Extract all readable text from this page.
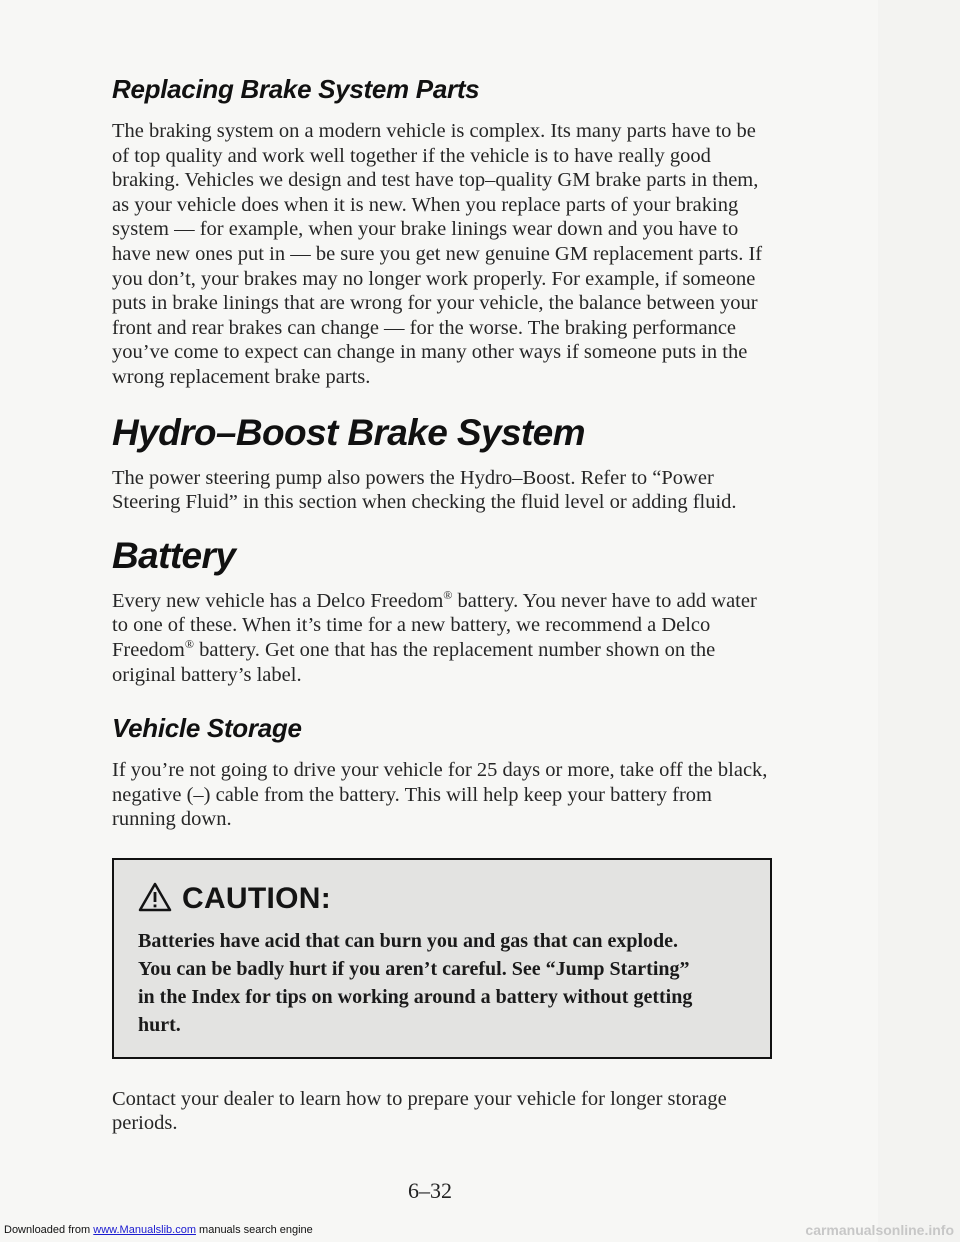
Replacing Brake System Parts

The braking system on a modern vehicle is complex. Its many parts have to be of top quality and work well together if the vehicle is to have really good braking. Vehicles we design and test have top–quality GM brake parts in them, as your vehicle does when it is new. When you replace parts of your braking system — for example, when your brake linings wear down and you have to have new ones put in — be sure you get new genuine GM replacement parts. If you don’t, your brakes may no longer work properly. For example, if someone puts in brake linings that are wrong for your vehicle, the balance between your front and rear brakes can change — for the worse. The braking performance you’ve come to expect can change in many other ways if someone puts in the wrong replacement brake parts.

Hydro–Boost Brake System

The power steering pump also powers the Hydro–Boost. Refer to “Power Steering Fluid” in this section when checking the fluid level or adding fluid.

Battery

Every new vehicle has a Delco Freedom® battery. You never have to add water to one of these. When it’s time for a new battery, we recommend a Delco Freedom® battery. Get one that has the replacement number shown on the original battery’s label.

Vehicle Storage

If you’re not going to drive your vehicle for 25 days or more, take off the black, negative (–) cable from the battery. This will help keep your battery from running down.

CAUTION:

Batteries have acid that can burn you and gas that can explode. You can be badly hurt if you aren’t careful. See “Jump Starting” in the Index for tips on working around a battery without getting hurt.

Contact your dealer to learn how to prepare your vehicle for longer storage periods.

6–32
Downloaded from www.Manualslib.com manuals search engine	carmanualsonline.info
